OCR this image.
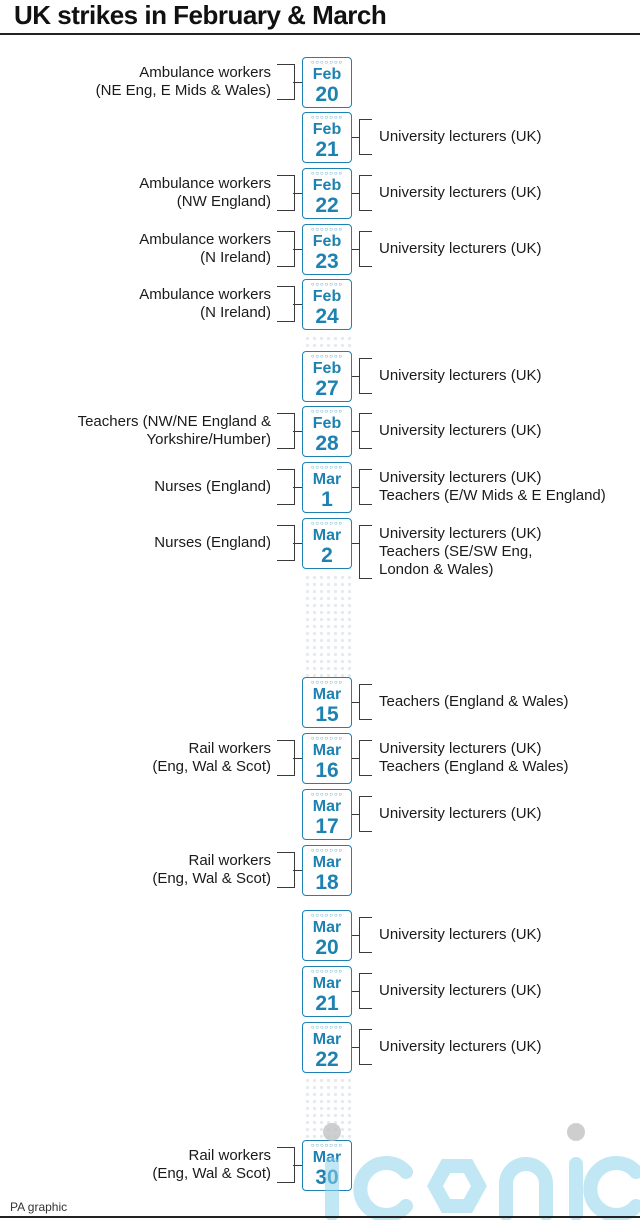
UK strikes in February & March
○○○○○○○
Feb
20
Ambulance workers
(NE Eng, E Mids & Wales)
○○○○○○○
Feb
21
University lecturers (UK)
○○○○○○○
Feb
22
Ambulance workers
(NW England)
University lecturers (UK)
○○○○○○○
Feb
23
Ambulance workers
(N Ireland)
University lecturers (UK)
○○○○○○○
Feb
24
Ambulance workers
(N Ireland)
○○○○○○○
Feb
27
University lecturers (UK)
○○○○○○○
Feb
28
Teachers (NW/NE England &
Yorkshire/Humber)
University lecturers (UK)
○○○○○○○
Mar
1
Nurses (England)
University lecturers (UK)
Teachers (E/W Mids & E England)
○○○○○○○
Mar
2
Nurses (England)
University lecturers (UK)
Teachers (SE/SW Eng,
London & Wales)
○○○○○○○
Mar
15
Teachers (England & Wales)
○○○○○○○
Mar
16
Rail workers
(Eng, Wal & Scot)
University lecturers (UK)
Teachers (England & Wales)
○○○○○○○
Mar
17
University lecturers (UK)
○○○○○○○
Mar
18
Rail workers
(Eng, Wal & Scot)
○○○○○○○
Mar
20
University lecturers (UK)
○○○○○○○
Mar
21
University lecturers (UK)
○○○○○○○
Mar
22
University lecturers (UK)
○○○○○○○
Mar
30
Rail workers
(Eng, Wal & Scot)
PA graphic
